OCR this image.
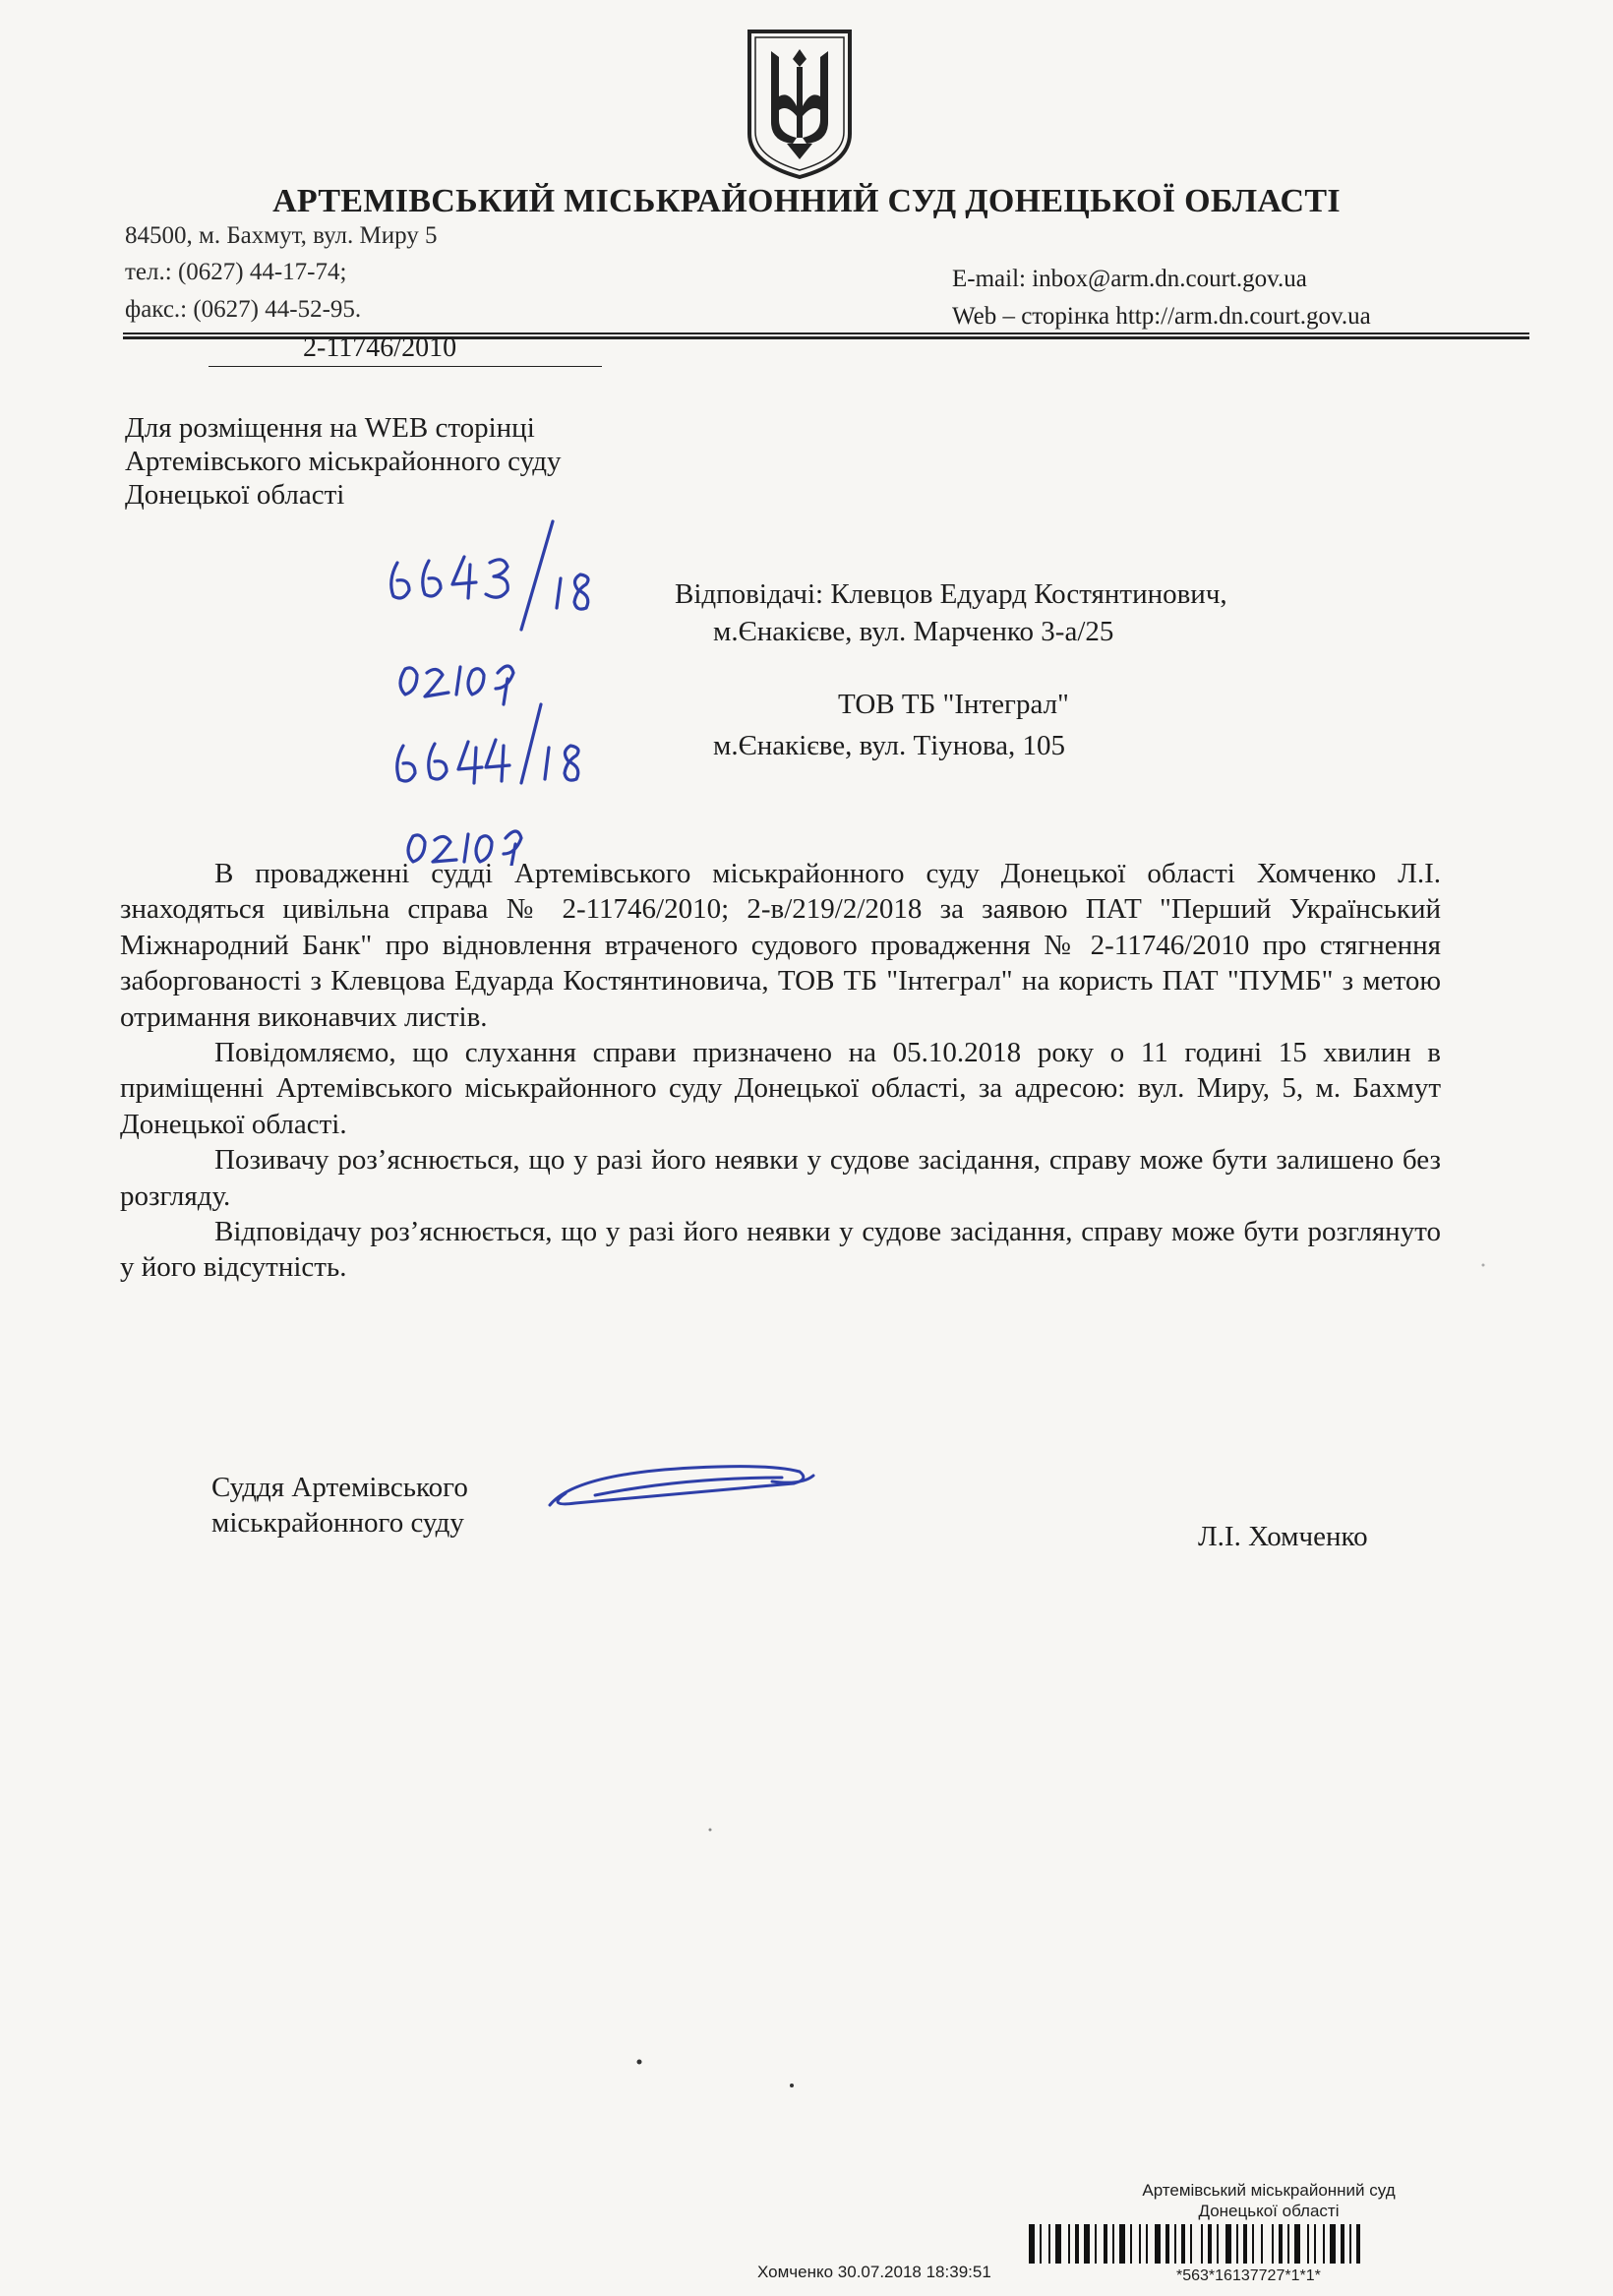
АРТЕМІВСЬКИЙ МІСЬКРАЙОННИЙ СУД ДОНЕЦЬКОЇ ОБЛАСТІ
84500, м. Бахмут, вул. Миру 5
тел.: (0627) 44-17-74;
факс.: (0627) 44-52-95.
E-mail: inbox@arm.dn.court.gov.ua
Web – сторінка http://arm.dn.court.gov.ua
2-11746/2010
Для розміщення на WEB сторінці
Артемівського міськрайонного суду
Донецької області
Відповідачі: Клевцов Едуард Костянтинович,
м.Єнакієве, вул. Марченко 3-а/25
ТОВ ТБ "Інтеграл"
м.Єнакієве, вул. Тіунова, 105

В провадженні судді Артемівського міськрайонного суду Донецької області Хомченко Л.І. знаходяться цивільна справа № 2-11746/2010; 2-в/219/2/2018 за заявою ПАТ "Перший Український Міжнародний Банк" про відновлення втраченого судового провадження № 2-11746/2010 про стягнення заборгованості з Клевцова Едуарда Костянтиновича, ТОВ ТБ "Інтеграл" на користь ПАТ "ПУМБ" з метою отримання виконавчих листів.

Повідомляємо, що слухання справи призначено на 05.10.2018 року о 11 годині 15 хвилин в приміщенні Артемівського міськрайонного суду Донецької області, за адресою: вул. Миру, 5, м. Бахмут Донецької області.

Позивачу роз’яснюється, що у разі його неявки у судове засідання, справу може бути залишено без розгляду.

Відповідачу роз’яснюється, що у разі його неявки у судове засідання, справу може бути розглянуто у його відсутність.

Суддя Артемівського
міськрайонного суду	Л.І. Хомченко
Артемівський міськрайонний суд
Донецької області
Хомченко 30.07.2018 18:39:51	*563*16137727*1*1*
